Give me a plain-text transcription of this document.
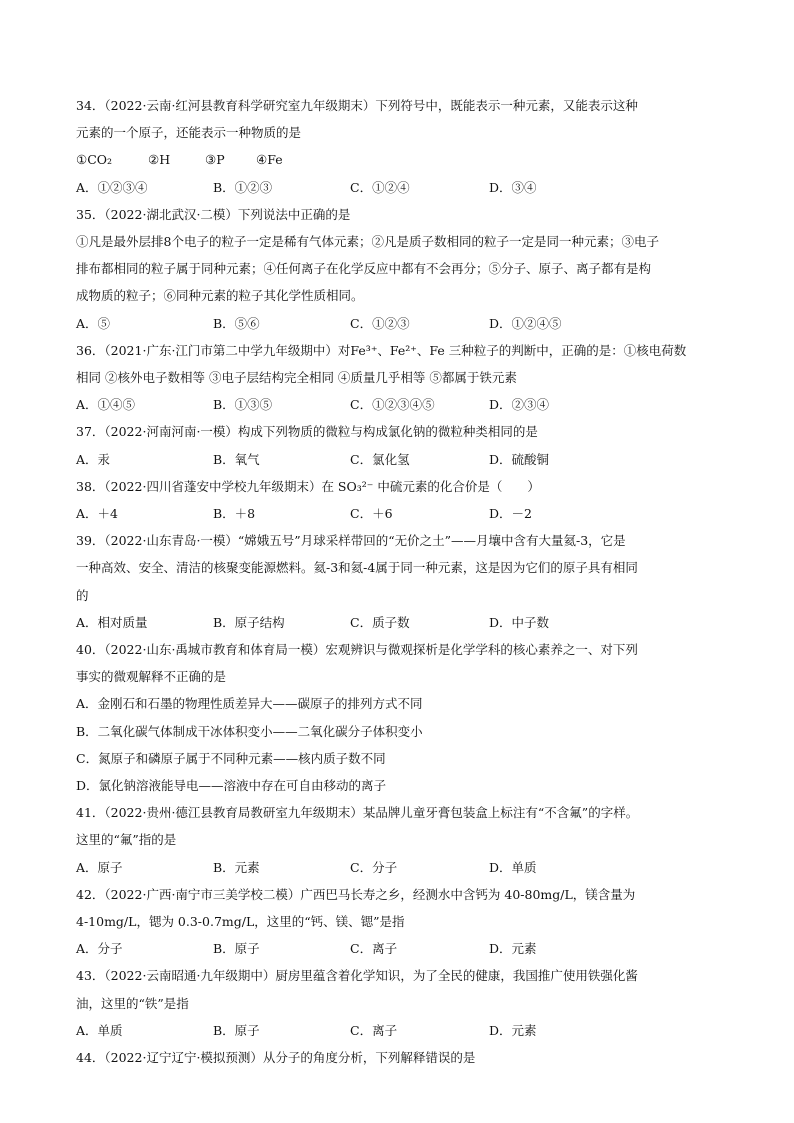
34．（2022·云南·红河县教育科学研究室九年级期末）下列符号中，既能表示一种元素，又能表示这种
元素的一个原子，还能表示一种物质的是
①CO₂	②H	③P	④Fe
A．①②③④	B．①②③	C．①②④	D．③④
35．（2022·湖北武汉·二模）下列说法中正确的是
①凡是最外层排8个电子的粒子一定是稀有气体元素；②凡是质子数相同的粒子一定是同一种元素；③电子
排布都相同的粒子属于同种元素；④任何离子在化学反应中都有不会再分；⑤分子、原子、离子都有是构
成物质的粒子；⑥同种元素的粒子其化学性质相同。
A．⑤	B．⑤⑥	C．①②③	D．①②④⑤
36．（2021·广东·江门市第二中学九年级期中）对Fe³⁺、Fe²⁺、Fe 三种粒子的判断中，正确的是：①核电荷数
相同 ②核外电子数相等 ③电子层结构完全相同 ④质量几乎相等 ⑤都属于铁元素
A．①④⑤	B．①③⑤	C．①②③④⑤	D．②③④
37．（2022·河南河南·一模）构成下列物质的微粒与构成氯化钠的微粒种类相同的是
A．汞	B．氧气	C．氯化氢	D．硫酸铜
38．（2022·四川省蓬安中学校九年级期末）在 SO₃²⁻ 中硫元素的化合价是（　　）
A．＋4	B．＋8	C．＋6	D．－2
39．（2022·山东青岛·一模）“嫦娥五号”月球采样带回的“无价之土”——月壤中含有大量氦-3，它是
一种高效、安全、清洁的核聚变能源燃料。氦-3和氦-4属于同一种元素，这是因为它们的原子具有相同
的
A．相对质量	B．原子结构	C．质子数	D．中子数
40．（2022·山东·禹城市教育和体育局一模）宏观辨识与微观探析是化学学科的核心素养之一、对下列
事实的微观解释不正确的是
A．金刚石和石墨的物理性质差异大——碳原子的排列方式不同
B．二氧化碳气体制成干冰体积变小——二氧化碳分子体积变小
C．氮原子和磷原子属于不同种元素——核内质子数不同
D．氯化钠溶液能导电——溶液中存在可自由移动的离子
41．（2022·贵州·德江县教育局教研室九年级期末）某品牌儿童牙膏包装盒上标注有“不含氟”的字样。
这里的“氟”指的是
A．原子	B．元素	C．分子	D．单质
42．（2022·广西·南宁市三美学校二模）广西巴马长寿之乡，经测水中含钙为 40-80mg/L，镁含量为
4-10mg/L，锶为 0.3-0.7mg/L，这里的“钙、镁、锶”是指
A．分子	B．原子	C．离子	D．元素
43．（2022·云南昭通·九年级期中）厨房里蕴含着化学知识，为了全民的健康，我国推广使用铁强化酱
油，这里的“铁”是指
A．单质	B．原子	C．离子	D．元素
44．（2022·辽宁辽宁·模拟预测）从分子的角度分析，下列解释错误的是
